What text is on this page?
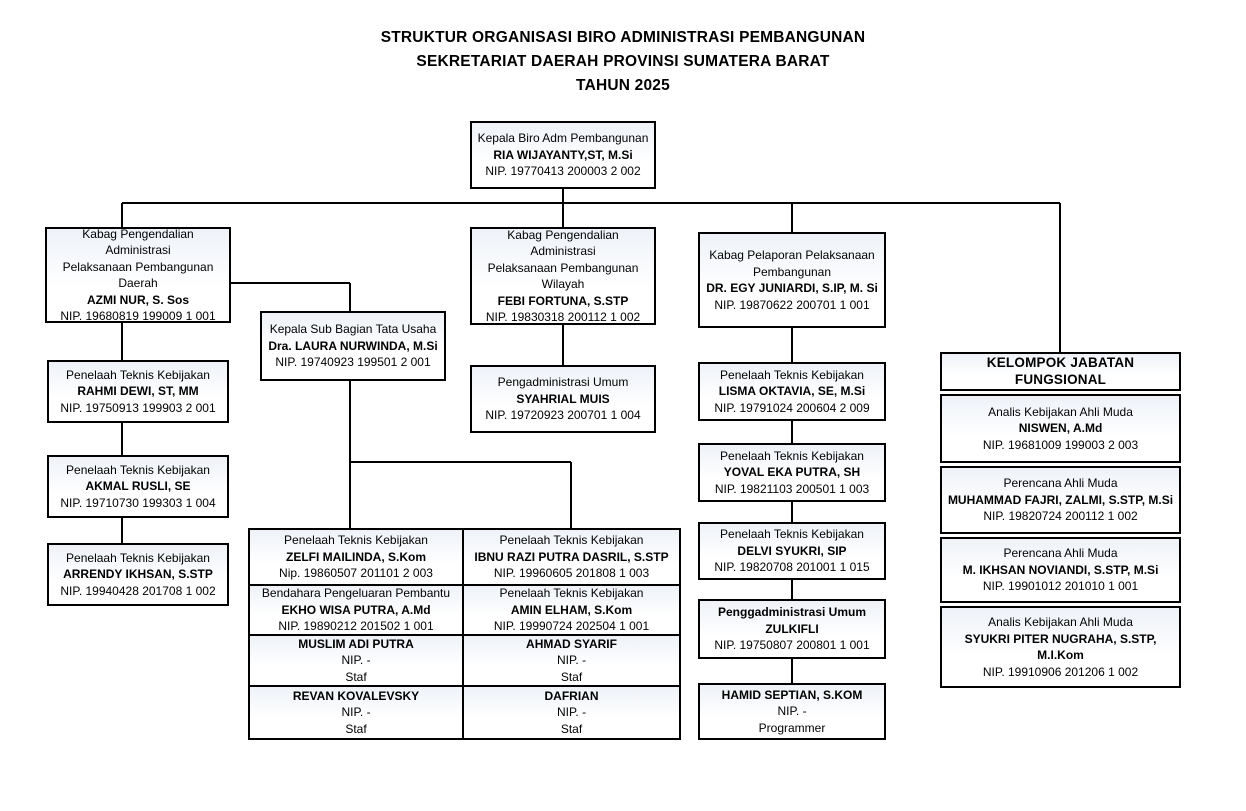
STRUKTUR ORGANISASI BIRO ADMINISTRASI PEMBANGUNAN
SEKRETARIAT DAERAH PROVINSI SUMATERA BARAT
TAHUN 2025
Kepala Biro Adm Pembangunan
RIA WIJAYANTY,ST, M.Si
NIP. 19770413 200003 2 002
Kabag Pengendalian Administrasi
Pelaksanaan Pembangunan
Daerah
AZMI NUR, S. Sos
NIP. 19680819 199009 1 001
Penelaah Teknis Kebijakan
RAHMI DEWI, ST, MM
NIP. 19750913 199903 2 001
Penelaah Teknis Kebijakan
AKMAL RUSLI, SE
NIP. 19710730 199303 1 004
Penelaah Teknis Kebijakan
ARRENDY IKHSAN, S.STP
NIP. 19940428 201708 1 002
Kepala Sub Bagian Tata Usaha
Dra. LAURA NURWINDA, M.Si
NIP. 19740923 199501 2 001
Kabag Pengendalian Administrasi
Pelaksanaan Pembangunan
Wilayah
FEBI FORTUNA, S.STP
NIP. 19830318 200112 1 002
Pengadministrasi Umum
SYAHRIAL MUIS
NIP. 19720923 200701 1 004
Kabag Pelaporan Pelaksanaan
Pembangunan
DR. EGY JUNIARDI, S.IP, M. Si
NIP. 19870622 200701 1 001
Penelaah Teknis Kebijakan
LISMA OKTAVIA, SE, M.Si
NIP. 19791024 200604 2 009
Penelaah Teknis Kebijakan
YOVAL EKA PUTRA, SH
NIP. 19821103 200501 1 003
Penelaah Teknis Kebijakan
DELVI SYUKRI, SIP
NIP. 19820708 201001 1 015
Penggadministrasi Umum
ZULKIFLI
NIP. 19750807 200801 1 001
HAMID SEPTIAN, S.KOM
NIP. -
Programmer
KELOMPOK JABATAN FUNGSIONAL
Analis Kebijakan Ahli Muda
NISWEN, A.Md
NIP. 19681009 199003 2 003
Perencana Ahli Muda
MUHAMMAD FAJRI, ZALMI, S.STP, M.Si
NIP. 19820724 200112 1 002
Perencana Ahli Muda
M. IKHSAN NOVIANDI, S.STP, M.Si
NIP. 19901012 201010 1 001
Analis Kebijakan Ahli Muda
SYUKRI PITER NUGRAHA, S.STP, M.I.Kom
NIP. 19910906 201206 1 002
Penelaah Teknis Kebijakan
ZELFI MAILINDA, S.Kom
Nip. 19860507 201101 2 003
Bendahara Pengeluaran Pembantu
EKHO WISA PUTRA, A.Md
NIP. 19890212 201502 1 001
MUSLIM ADI PUTRA
NIP. -
Staf
REVAN KOVALEVSKY
NIP. -
Staf
Penelaah Teknis Kebijakan
IBNU RAZI PUTRA DASRIL, S.STP
NIP. 19960605 201808 1 003
Penelaah Teknis Kebijakan
AMIN ELHAM, S.Kom
NIP. 19990724 202504 1 001
AHMAD SYARIF
NIP. -
Staf
DAFRIAN
NIP. -
Staf
